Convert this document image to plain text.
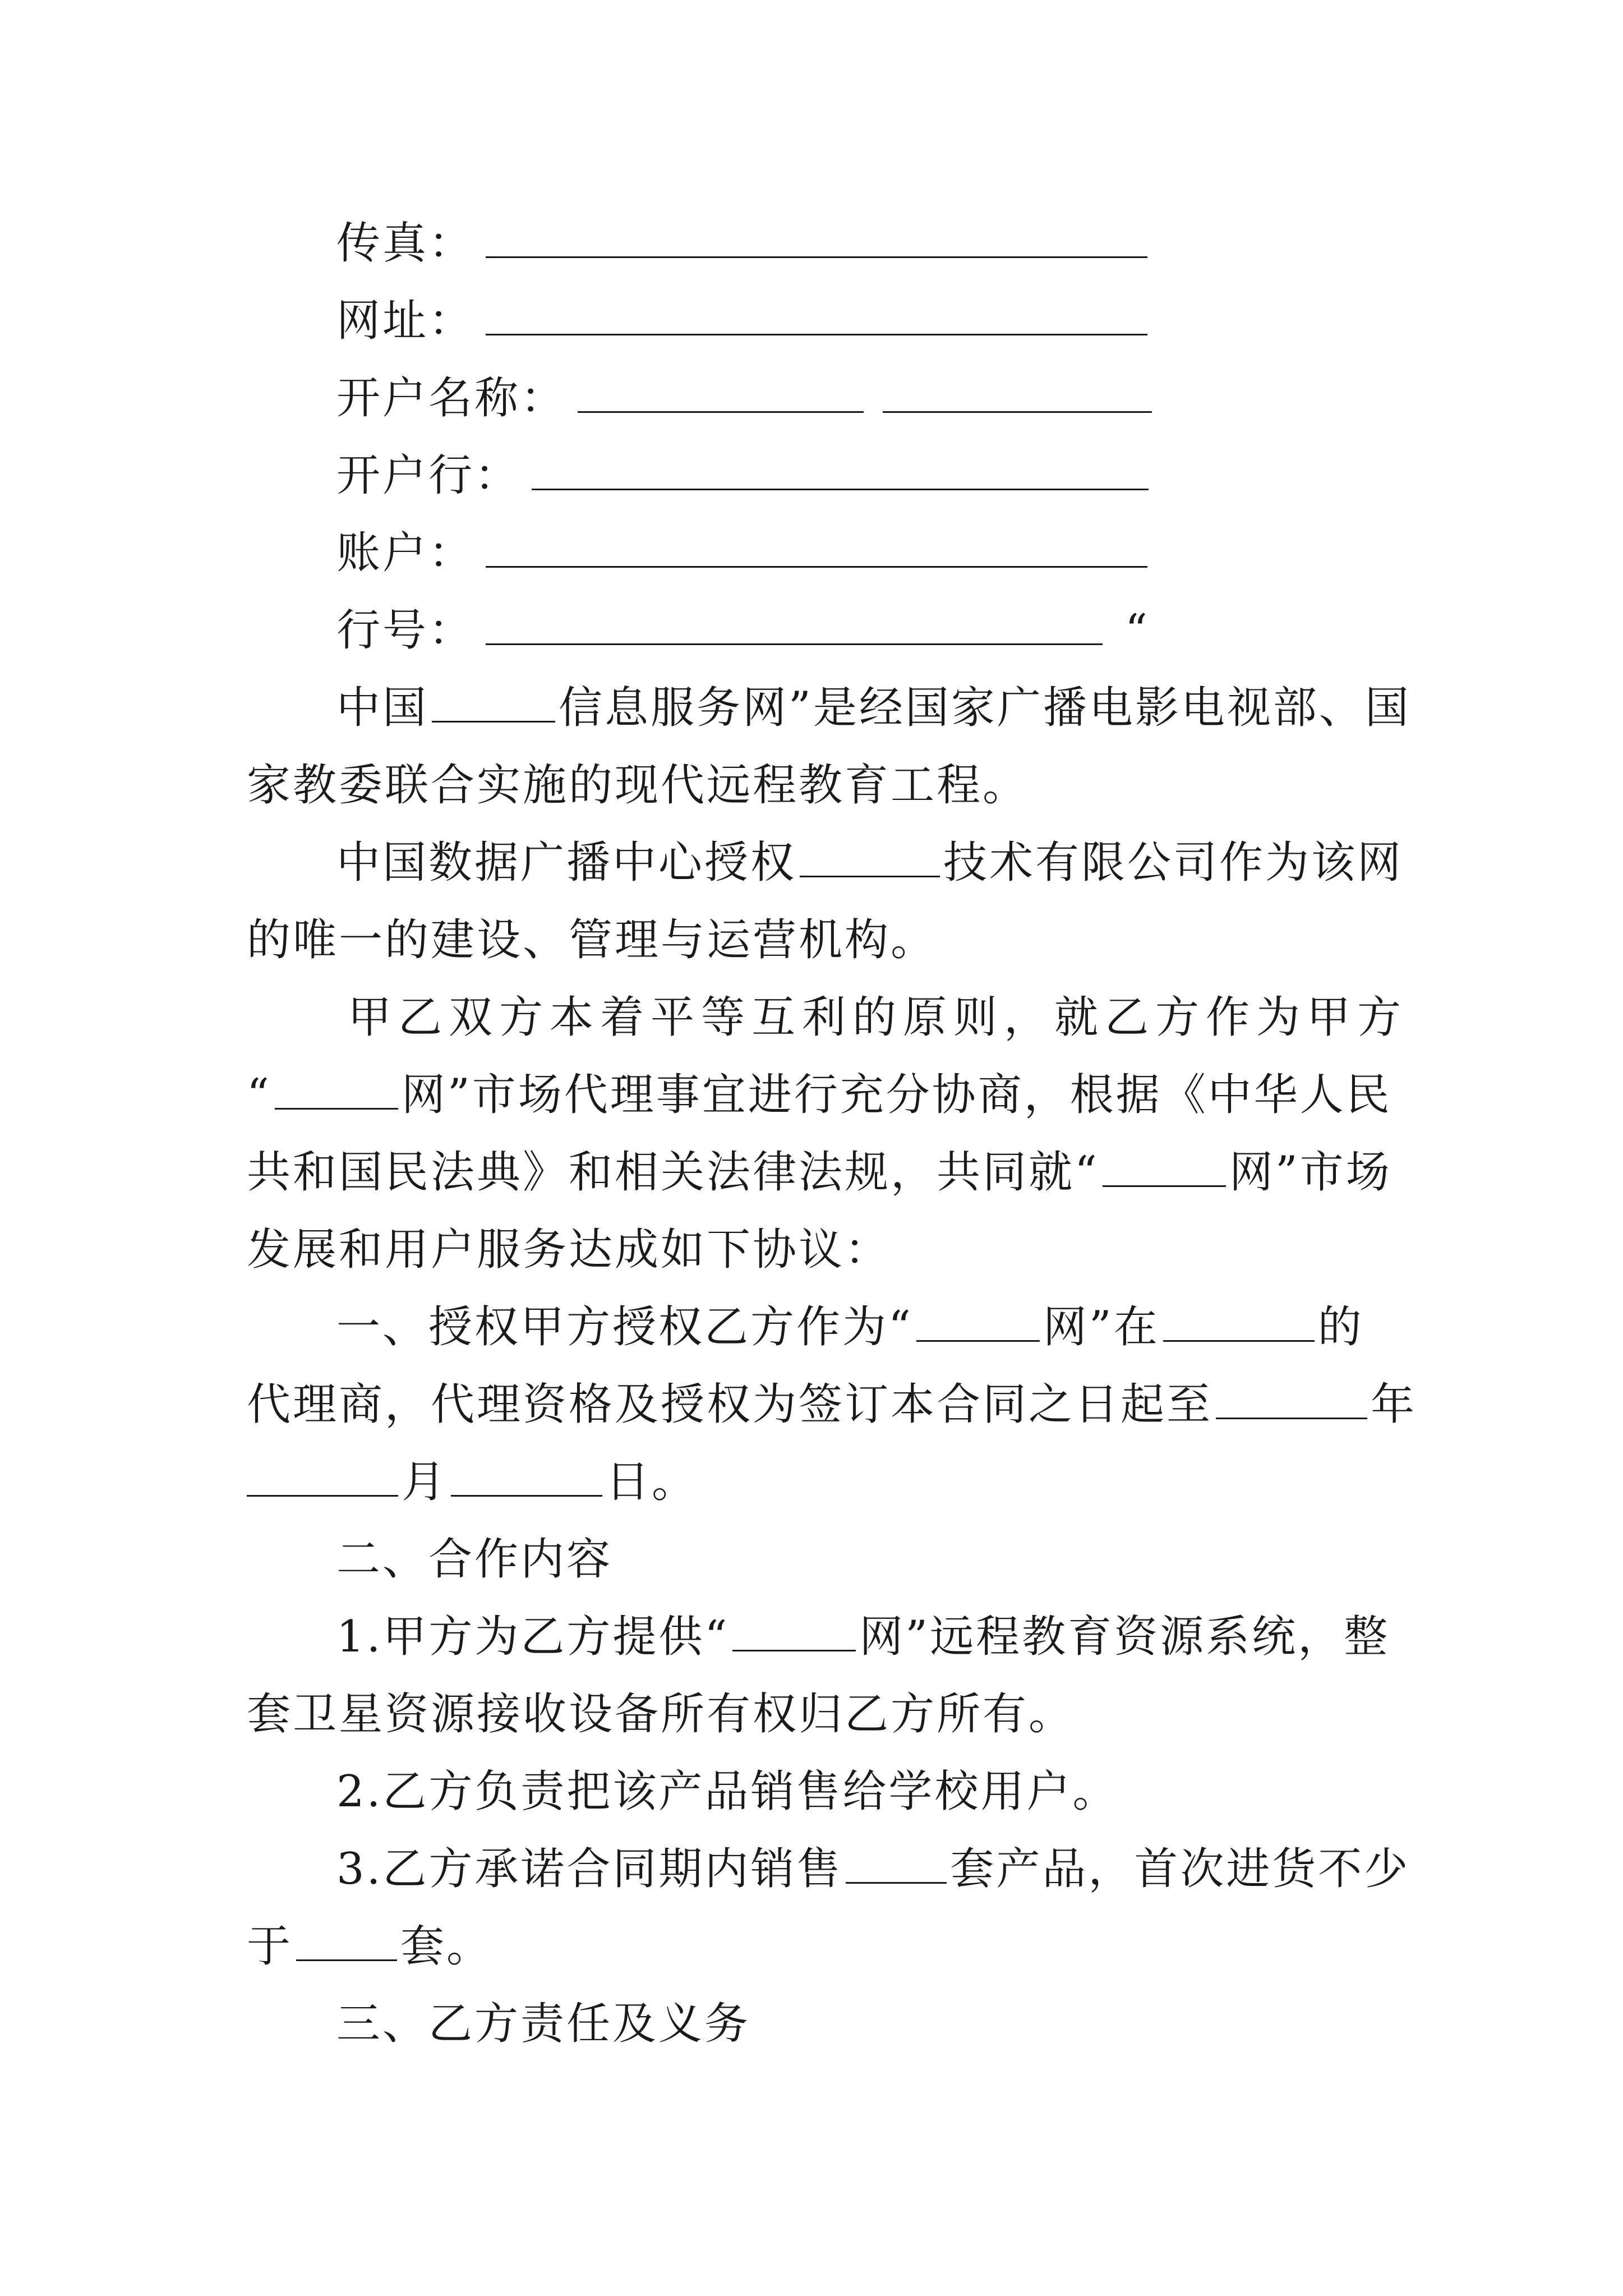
传真：
网址：
开户名称：
开户行：
账户：
行号：	“
中国	信息服务网”是经国家广播电影电视部、国
家教委联合实施的现代远程教育工程。
中国数据广播中心授权	技术有限公司作为该网
的唯一的建设、管理与运营机构。
甲乙双方本着平等互利的原则，就乙方作为甲方
“	网”市场代理事宜进行充分协商，根据《中华人民
共和国民法典》和相关法律法规，共同就“	网”市场
发展和用户服务达成如下协议：
一、授权甲方授权乙方作为“	网”在	的
代理商，代理资格及授权为签订本合同之日起至	年
月	日。
二、合作内容
1.甲方为乙方提供“	网”远程教育资源系统，整
套卫星资源接收设备所有权归乙方所有。
2.乙方负责把该产品销售给学校用户。
3.乙方承诺合同期内销售 套产品，首次进货不少
于 套。
三、乙方责任及义务
